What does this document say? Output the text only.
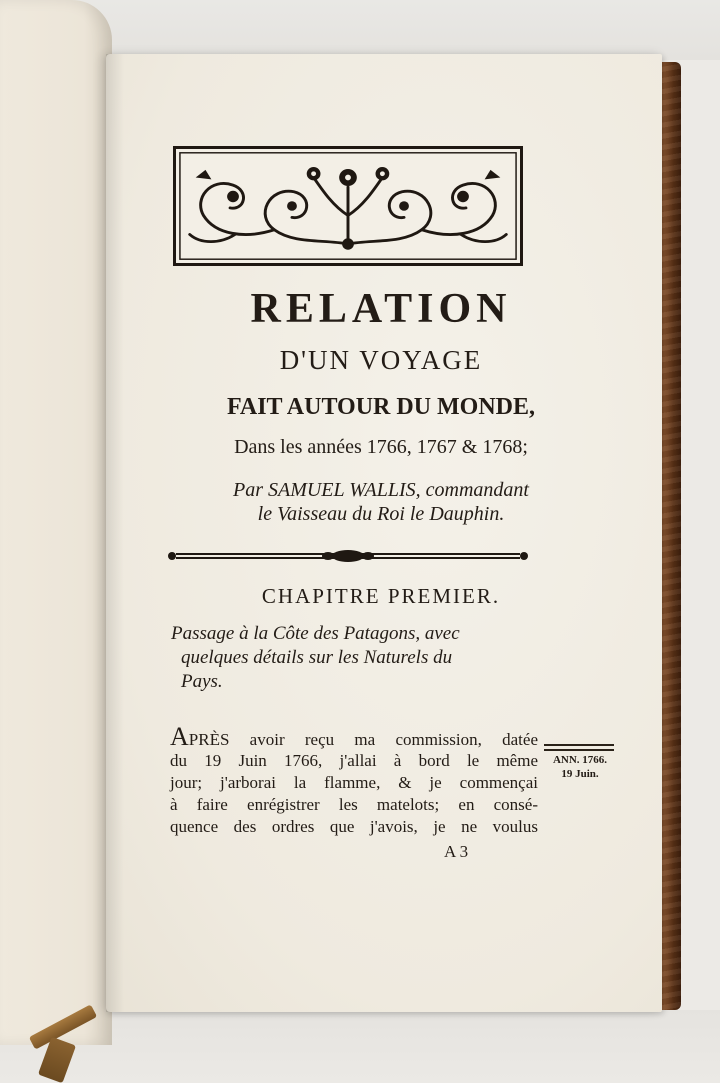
RELATION
D'UN VOYAGE
FAIT AUTOUR DU MONDE,
Dans les années 1766, 1767 & 1768;
Par SAMUEL WALLIS, commandant
le Vaisseau du Roi le Dauphin.
CHAPITRE PREMIER.
Passage à la Côte des Patagons, avec
quelques détails sur les Naturels du
Pays.
APRÈS avoir reçu ma commission, datée
du 19 Juin 1766, j'allai à bord le même
jour; j'arborai la flamme, & je commençai
à faire enrégistrer les matelots; en consé-
quence des ordres que j'avois, je ne voulus
A 3
ANN. 1766.
19 Juin.
